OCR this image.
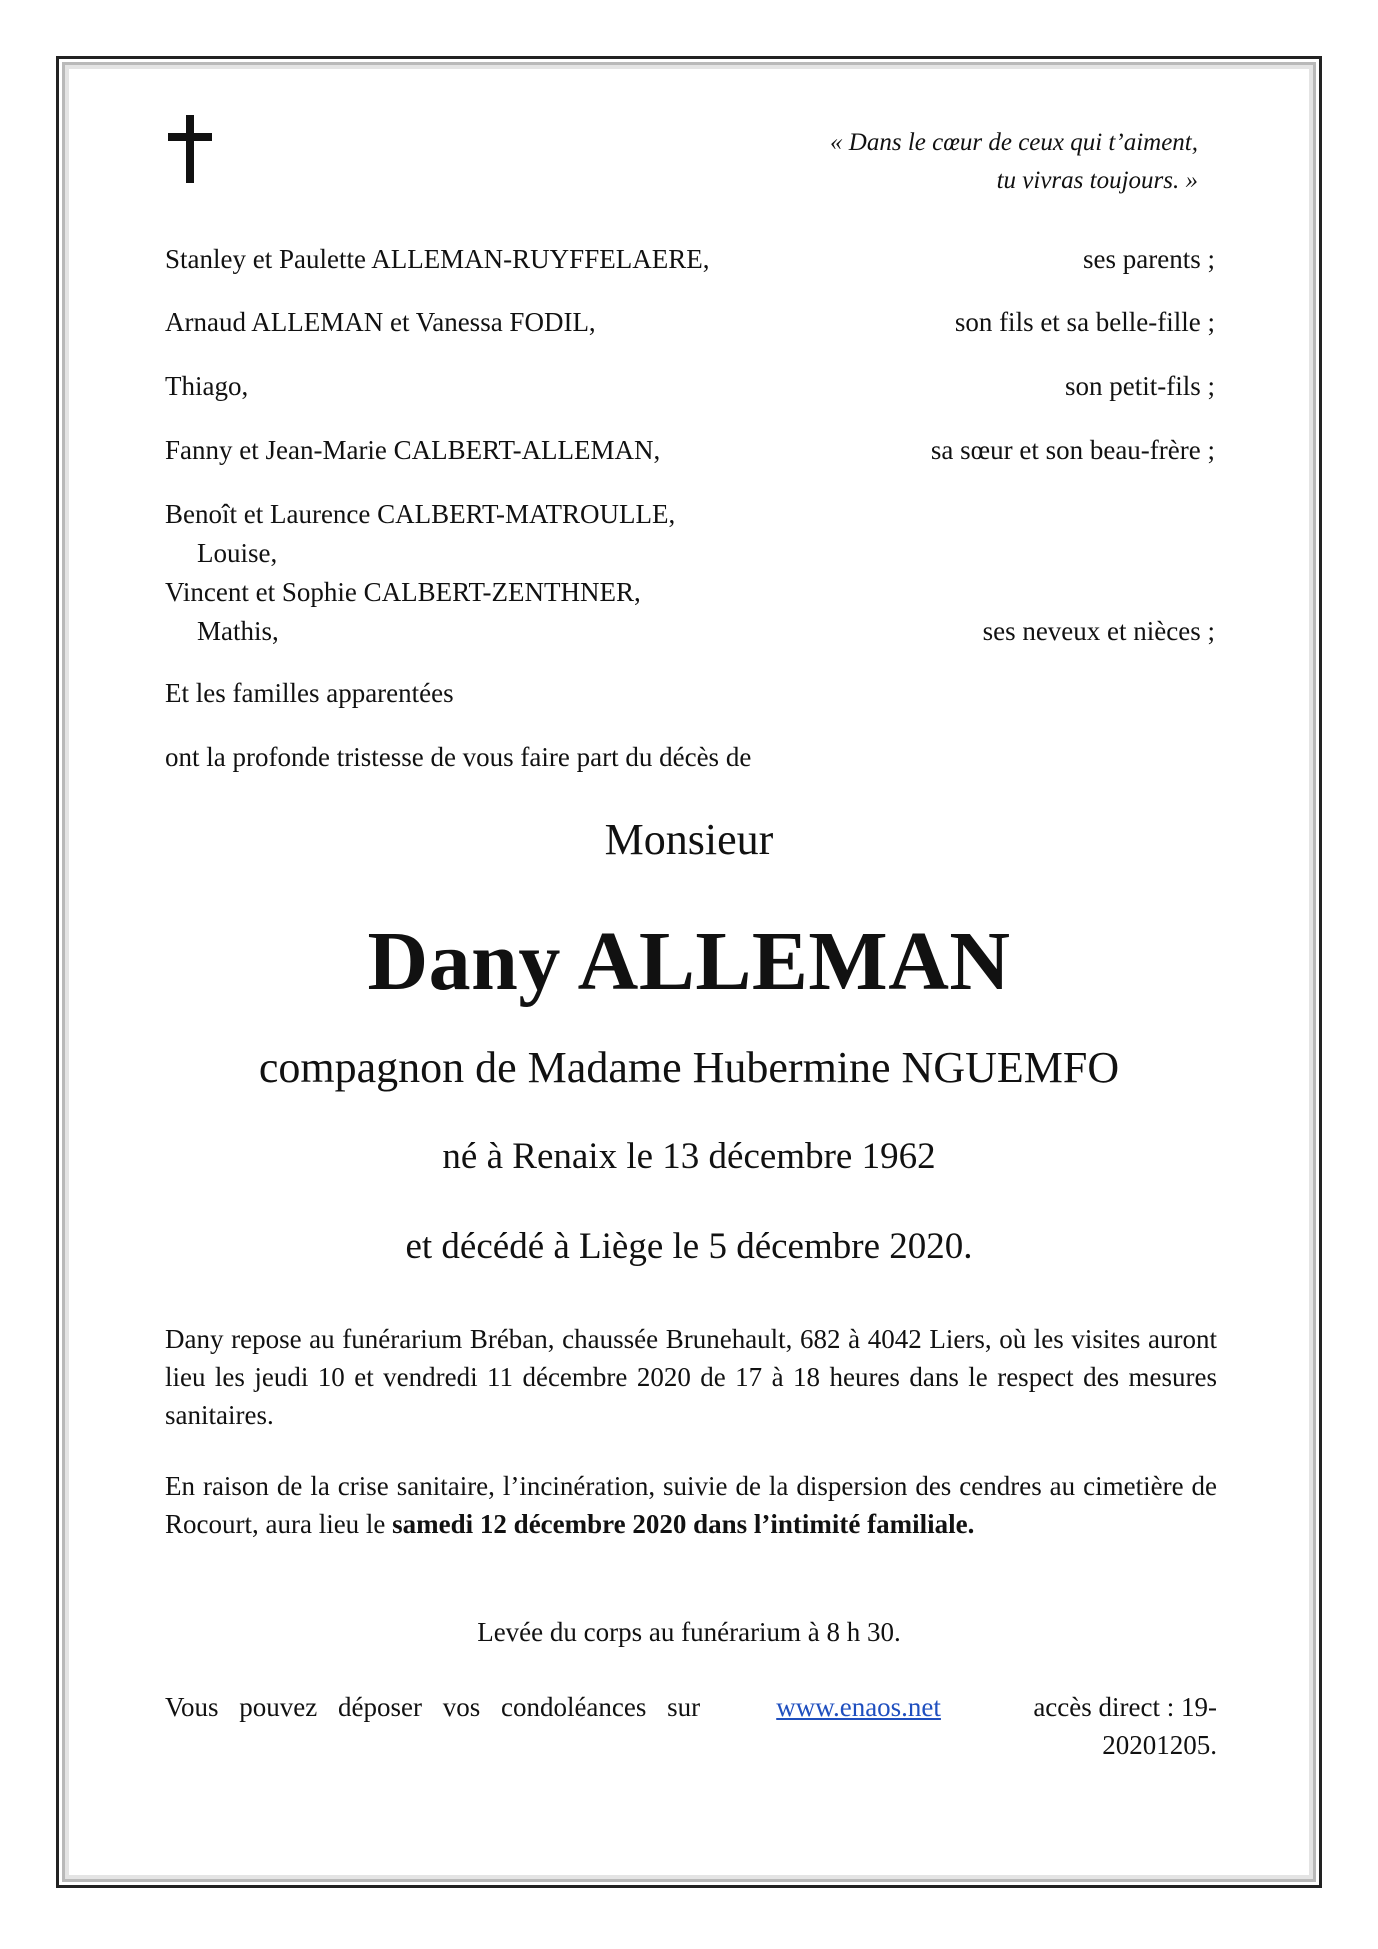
« Dans le cœur de ceux qui t’aiment,
tu vivras toujours. »
Stanley et Paulette ALLEMAN-RUYFFELAERE,	ses parents ;
Arnaud ALLEMAN et Vanessa FODIL,	son fils et sa belle-fille ;
Thiago,	son petit-fils ;
Fanny et Jean-Marie CALBERT-ALLEMAN,	sa sœur et son beau-frère ;
Benoît et Laurence CALBERT-MATROULLE,
Louise,
Vincent et Sophie CALBERT-ZENTHNER,
Mathis,	ses neveux et nièces ;
Et les familles apparentées
ont la profonde tristesse de vous faire part du décès de
Monsieur
Dany ALLEMAN
compagnon de Madame Hubermine NGUEMFO
né à Renaix le 13 décembre 1962
et décédé à Liège le 5 décembre 2020.
Dany repose au funérarium Bréban, chaussée Brunehault, 682 à 4042 Liers, où les visites auront lieu les jeudi 10 et vendredi 11 décembre 2020 de 17 à 18 heures dans le respect des mesures sanitaires.
En raison de la crise sanitaire, l’incinération, suivie de la dispersion des cendres au cimetière de Rocourt, aura lieu le samedi 12 décembre 2020 dans l’intimité familiale.
Levée du corps au funérarium à 8 h 30.
Vous pouvez déposer vos condoléances sur	www.enaos.net	accès direct : 19-20201205.
